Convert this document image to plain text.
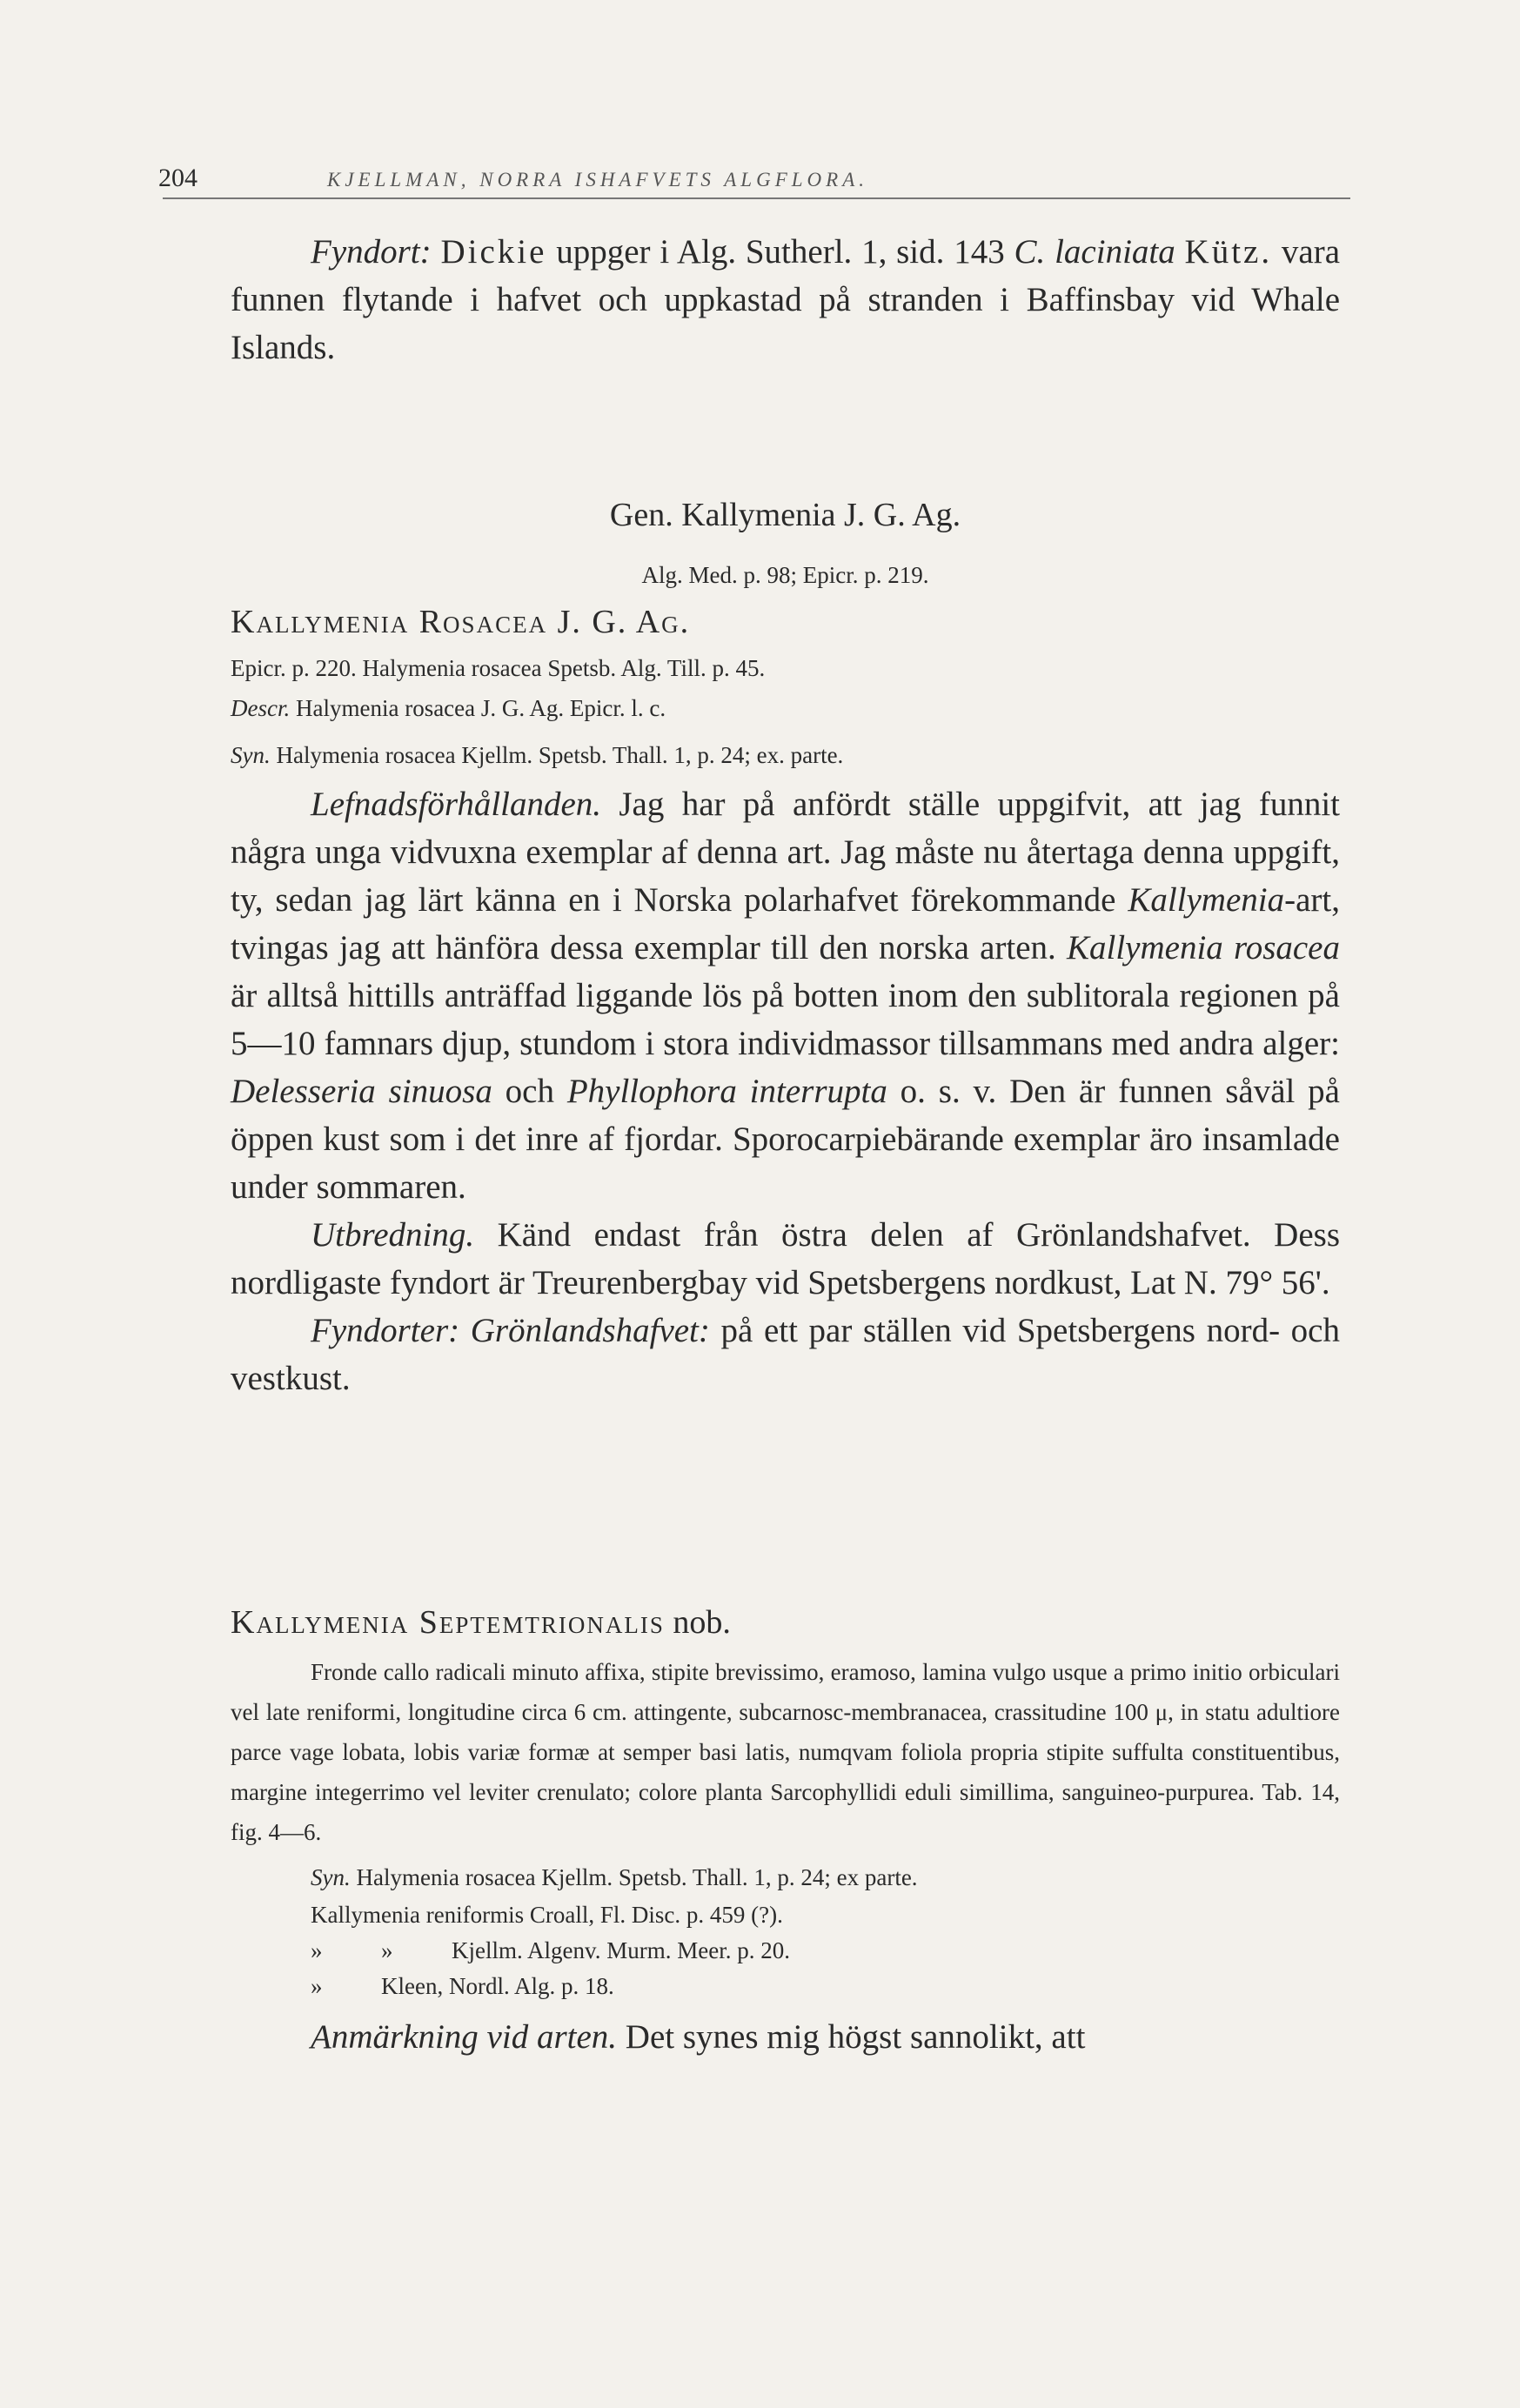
204	KJELLMAN, NORRA ISHAFVETS ALGFLORA.

Fyndort: Dickie uppger i Alg. Sutherl. 1, sid. 143 C. laciniata Kütz. vara funnen flytande i hafvet och uppkastad på stranden i Baffinsbay vid Whale Islands.

Gen. Kallymenia J. G. Ag.

Alg. Med. p. 98; Epicr. p. 219.

Kallymenia Rosacea J. G. Ag.

Epicr. p. 220. Halymenia rosacea Spetsb. Alg. Till. p. 45.

Descr. Halymenia rosacea J. G. Ag. Epicr. l. c.

Syn. Halymenia rosacea Kjellm. Spetsb. Thall. 1, p. 24; ex. parte.

Lefnadsförhållanden. Jag har på anfördt ställe uppgifvit, att jag funnit några unga vidvuxna exemplar af denna art. Jag måste nu återtaga denna uppgift, ty, sedan jag lärt känna en i Norska polarhafvet förekommande Kallymenia-art, tvingas jag att hänföra dessa exemplar till den norska arten. Kallymenia rosacea är alltså hittills anträffad liggande lös på botten inom den sublitorala regionen på 5—10 famnars djup, stundom i stora individmassor tillsammans med andra alger: Delesseria sinuosa och Phyllophora interrupta o. s. v. Den är funnen såväl på öppen kust som i det inre af fjordar. Sporocarpiebärande exemplar äro insamlade under sommaren.

Utbredning. Känd endast från östra delen af Grönlandshafvet. Dess nordligaste fyndort är Treurenbergbay vid Spetsbergens nordkust, Lat N. 79° 56'.

Fyndorter: Grönlandshafvet: på ett par ställen vid Spetsbergens nord- och vestkust.

Kallymenia Septemtrionalis nob.

Fronde callo radicali minuto affixa, stipite brevissimo, eramoso, lamina vulgo usque a primo initio orbiculari vel late reniformi, longitudine circa 6 cm. attingente, subcarnosc-membranacea, crassitudine 100 μ, in statu adultiore parce vage lobata, lobis variæ formæ at semper basi latis, numqvam foliola propria stipite suffulta constituentibus, margine integerrimo vel leviter crenulato; colore planta Sarcophyllidi eduli simillima, sanguineo-purpurea. Tab. 14, fig. 4—6.

Syn. Halymenia rosacea Kjellm. Spetsb. Thall. 1, p. 24; ex parte.

Kallymenia reniformis Croall, Fl. Disc. p. 459 (?).
»          »          Kjellm. Algenv. Murm. Meer. p. 20.
»          Kleen, Nordl. Alg. p. 18.

Anmärkning vid arten. Det synes mig högst sannolikt, att
